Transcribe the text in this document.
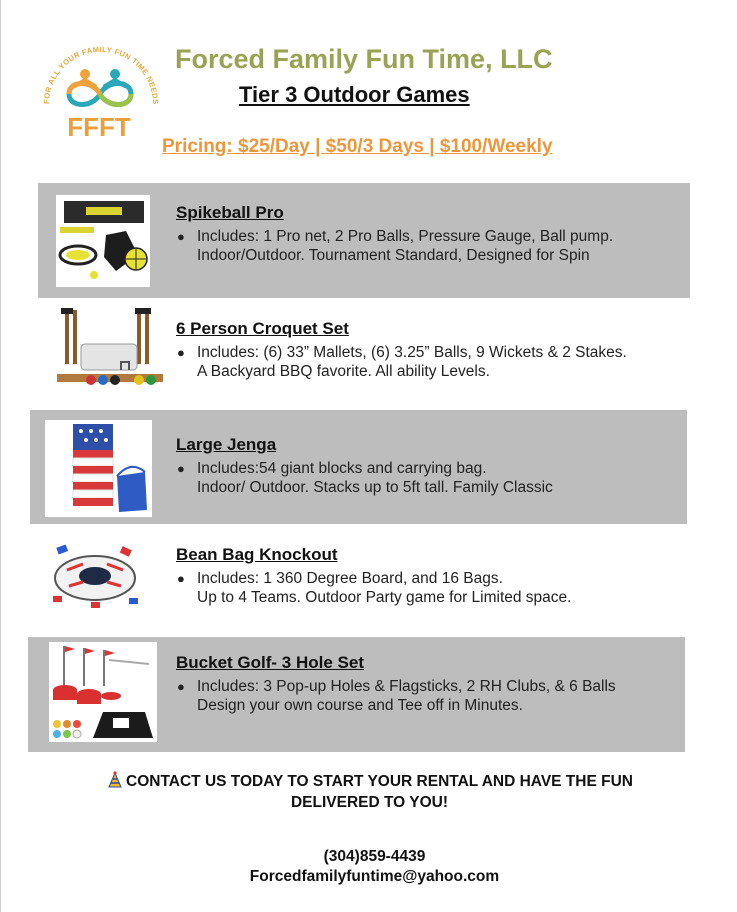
FOR ALL YOUR FAMILY FUN TIME NEEDS
FFFT
Forced Family Fun Time, LLC
Tier 3 Outdoor Games
Pricing: $25/Day | $50/3 Days | $100/Weekly
Spikeball Pro
● Includes: 1 Pro net, 2 Pro Balls, Pressure Gauge, Ball pump.
Indoor/Outdoor. Tournament Standard, Designed for Spin
6 Person Croquet Set
● Includes: (6) 33” Mallets, (6) 3.25” Balls, 9 Wickets & 2 Stakes.
A Backyard BBQ favorite. All ability Levels.
Large Jenga
● Includes:54 giant blocks and carrying bag.
Indoor/ Outdoor. Stacks up to 5ft tall. Family Classic
Bean Bag Knockout
● Includes: 1 360 Degree Board, and 16 Bags.
Up to 4 Teams. Outdoor Party game for Limited space.
Bucket Golf- 3 Hole Set
● Includes: 3 Pop-up Holes & Flagsticks, 2 RH Clubs, & 6 Balls
Design your own course and Tee off in Minutes.
CONTACT US TODAY TO START YOUR RENTAL AND HAVE THE FUN
DELIVERED TO YOU!
(304)859-4439
Forcedfamilyfuntime@yahoo.com
